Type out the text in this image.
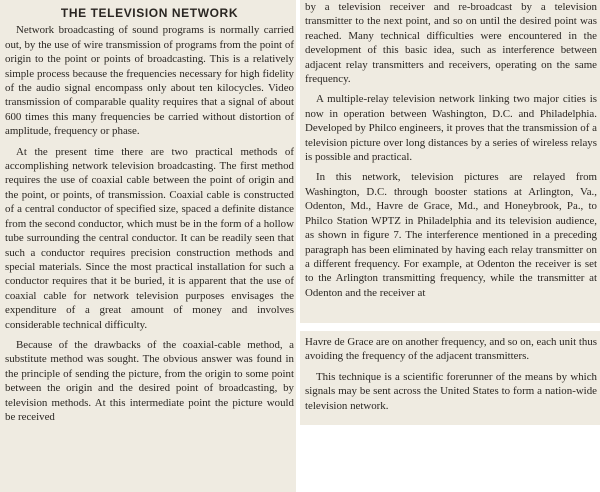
THE TELEVISION NETWORK

Network broadcasting of sound programs is normally carried out, by the use of wire transmission of programs from the point of origin to the point or points of broadcasting. This is a relatively simple process because the frequencies necessary for high fidelity of the audio signal encompass only about ten kilocycles. Video transmission of comparable quality requires that a signal of about 600 times this many frequencies be carried without distortion of amplitude, frequency or phase.

At the present time there are two practical methods of accomplishing network television broadcasting. The first method requires the use of coaxial cable between the point of origin and the point, or points, of transmission. Coaxial cable is constructed of a central conductor of specified size, spaced a definite distance from the second conductor, which must be in the form of a hollow tube surrounding the central conductor. It can be readily seen that such a conductor requires precision construction methods and special materials. Since the most practical installation for such a conductor requires that it be buried, it is apparent that the use of coaxial cable for network television purposes envisages the expenditure of a great amount of money and involves considerable technical difficulty.

Because of the drawbacks of the coaxial-cable method, a substitute method was sought. The obvious answer was found in the principle of sending the picture, from the origin to some point between the origin and the desired point of broadcasting, by television methods. At this intermediate point the picture would be received

by a television receiver and re-broadcast by a television transmitter to the next point, and so on until the desired point was reached. Many technical difficulties were encountered in the development of this basic idea, such as interference between adjacent relay transmitters and receivers, operating on the same frequency.

A multiple-relay television network linking two major cities is now in operation between Washington, D.C. and Philadelphia. Developed by Philco engineers, it proves that the transmission of a television picture over long distances by a series of wireless relays is possible and practical.

In this network, television pictures are relayed from Washington, D.C. through booster stations at Arlington, Va., Odenton, Md., Havre de Grace, Md., and Honeybrook, Pa., to Philco Station WPTZ in Philadelphia and its television audience, as shown in figure 7. The interference mentioned in a preceding paragraph has been eliminated by having each relay transmitter on a different frequency. For example, at Odenton the receiver is set to the Arlington transmitting frequency, while the transmitter at Odenton and the receiver at

Havre de Grace are on another frequency, and so on, each unit thus avoiding the frequency of the adjacent transmitters.

This technique is a scientific forerunner of the means by which signals may be sent across the United States to form a nation-wide television network.
